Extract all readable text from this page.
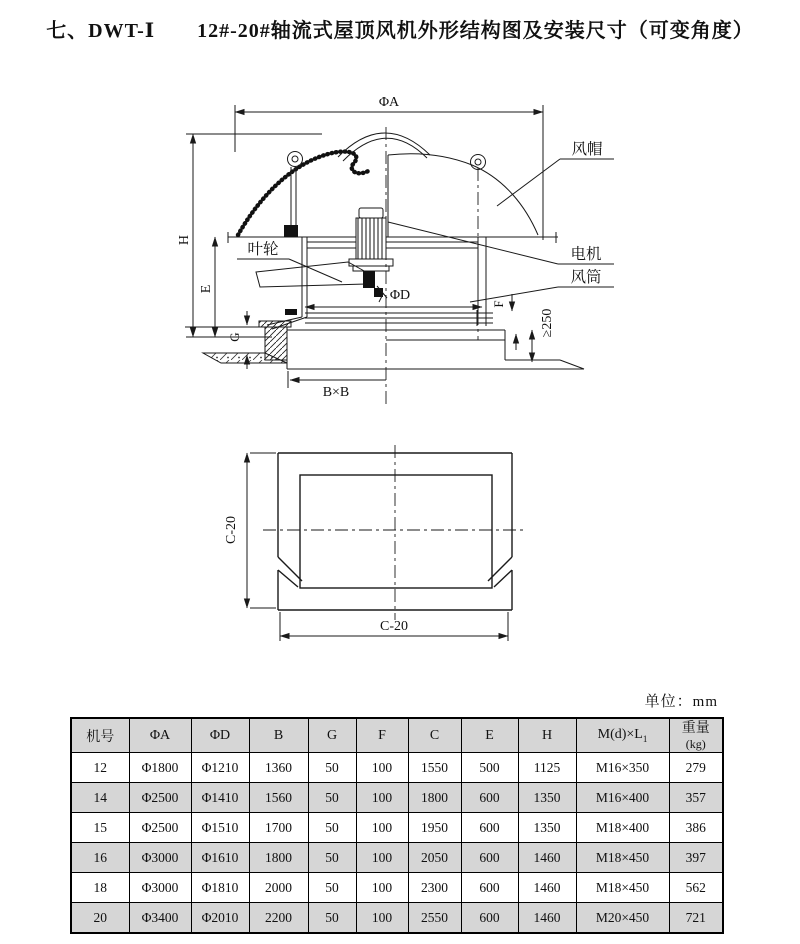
七、DWT-Ⅰ　　12#-20#轴流式屋顶风机外形结构图及安装尺寸（可变角度）
ΦA
H
E
G
ΦD
F
≥250
B×B
风帽
电机
风筒
叶轮
C-20
C-20
单位：mm
机号	ΦA	ΦD	B	G	F	C	E	H	$M(d)\times L_1$	重量
(kg)

12	Φ1800	Φ1210	1360	50	100	1550	500	1125	M16×350	279
14	Φ2500	Φ1410	1560	50	100	1800	600	1350	M16×400	357
15	Φ2500	Φ1510	1700	50	100	1950	600	1350	M18×400	386
16	Φ3000	Φ1610	1800	50	100	2050	600	1460	M18×450	397
18	Φ3000	Φ1810	2000	50	100	2300	600	1460	M18×450	562
20	Φ3400	Φ2010	2200	50	100	2550	600	1460	M20×450	721
